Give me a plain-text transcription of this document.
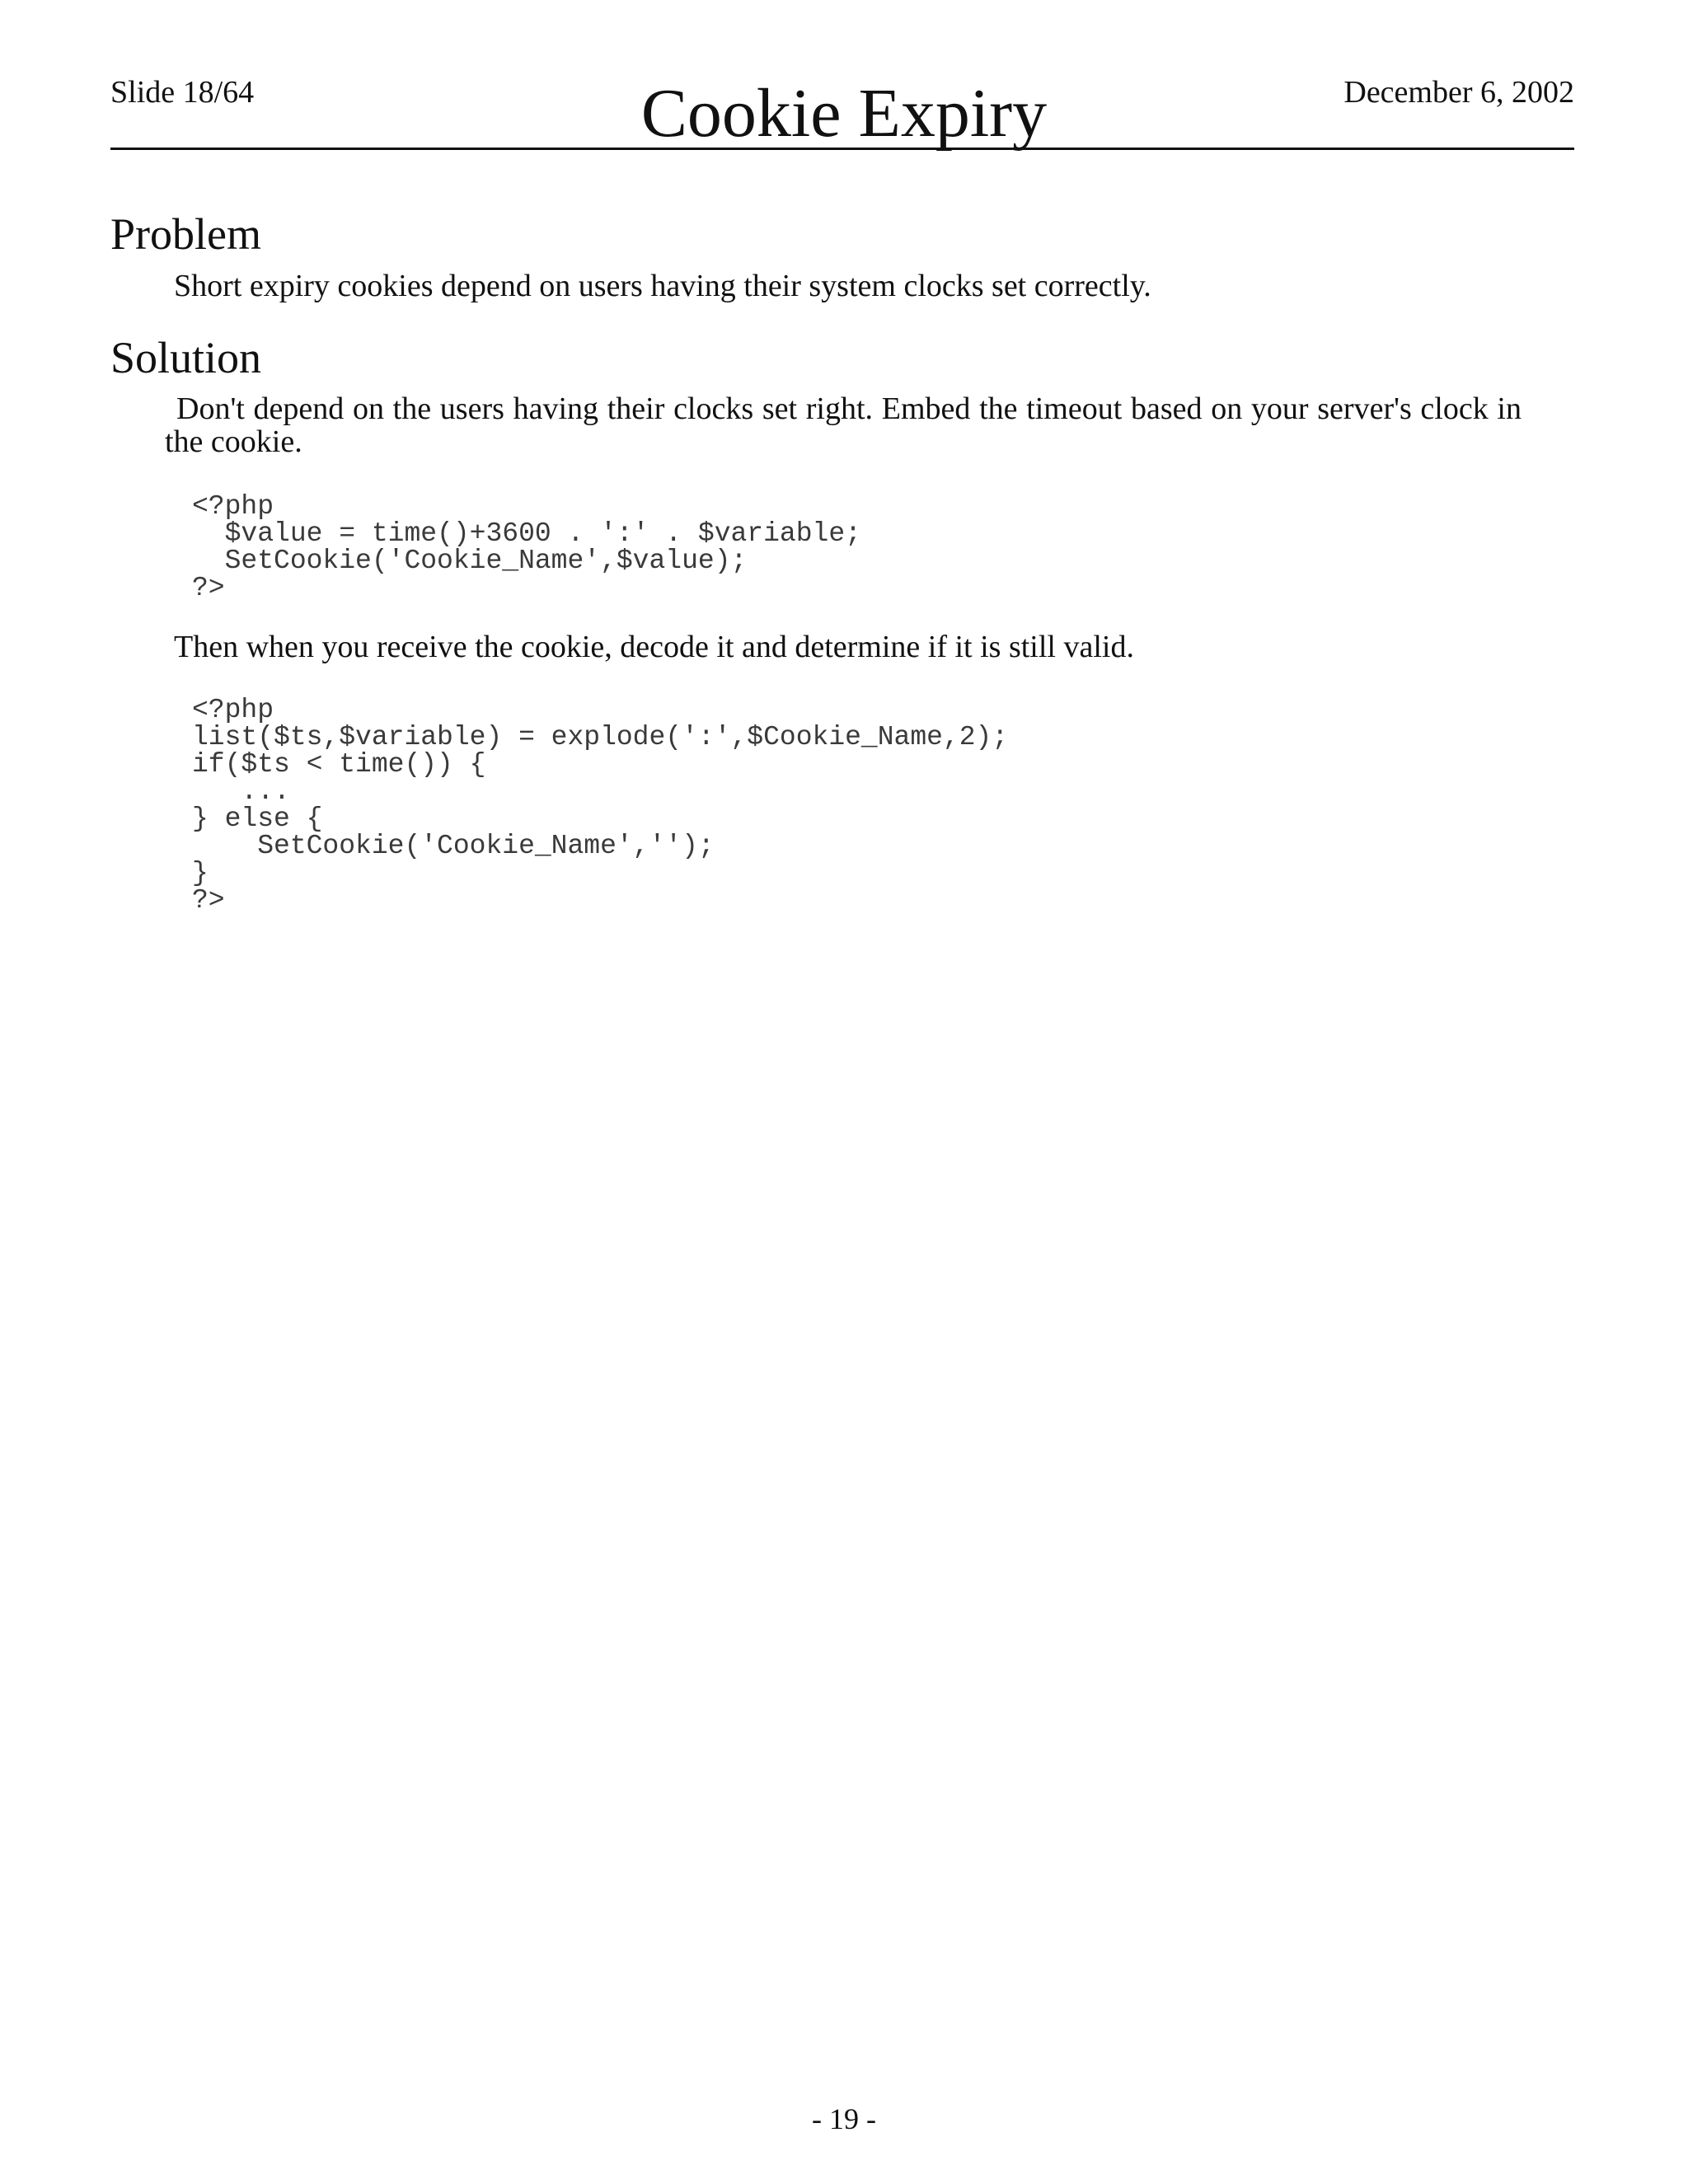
Slide 18/64	Cookie Expiry	December 6, 2002
Problem
Short expiry cookies depend on users having their system clocks set correctly.
Solution
Don't depend on the users having their clocks set right. Embed the timeout based on your server's clock in the cookie.
<?php
$value = time()+3600 . ':' . $variable;
SetCookie('Cookie_Name',$value);
?>
Then when you receive the cookie, decode it and determine if it is still valid.
<?php
list($ts,$variable) = explode(':',$Cookie_Name,2);
if($ts < time()) {
...
} else {
SetCookie('Cookie_Name','');
}
?>
- 19 -
